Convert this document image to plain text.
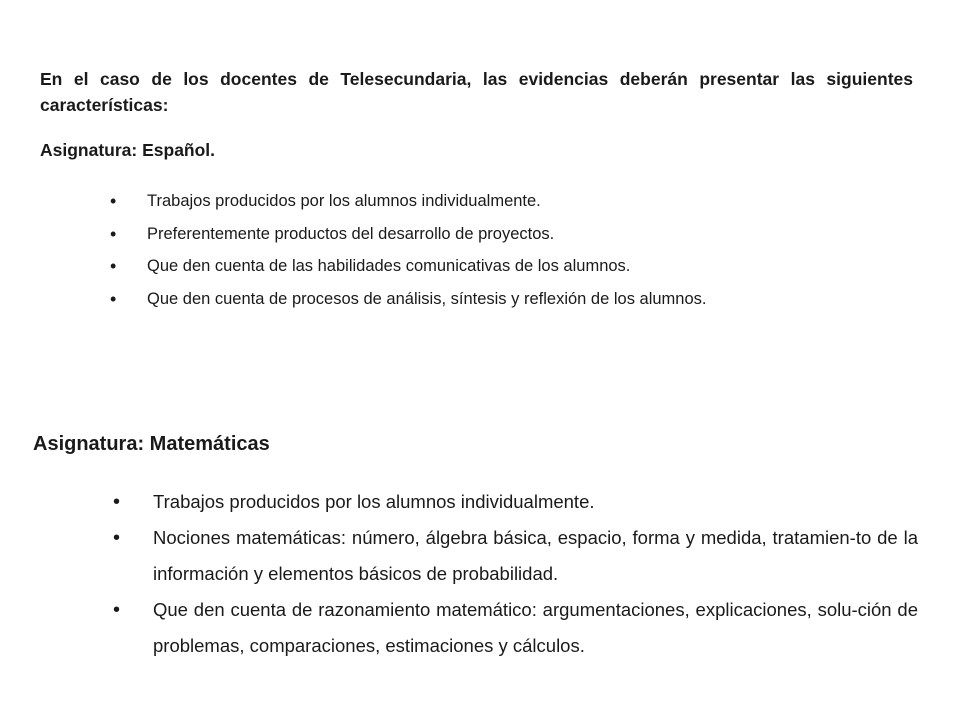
En el caso de los docentes de Telesecundaria, las evidencias deberán presentar las siguientes características:

Asignatura: Español.
• Trabajos producidos por los alumnos individualmente.
• Preferentemente productos del desarrollo de proyectos.
• Que den cuenta de las habilidades comunicativas de los alumnos.
• Que den cuenta de procesos de análisis, síntesis y reflexión de los alumnos.
Asignatura: Matemáticas
• Trabajos producidos por los alumnos individualmente.
• Nociones matemáticas: número, álgebra básica, espacio, forma y medida, tratamien-to de la información y elementos básicos de probabilidad.
• Que den cuenta de razonamiento matemático: argumentaciones, explicaciones, solu-ción de problemas, comparaciones, estimaciones y cálculos.
